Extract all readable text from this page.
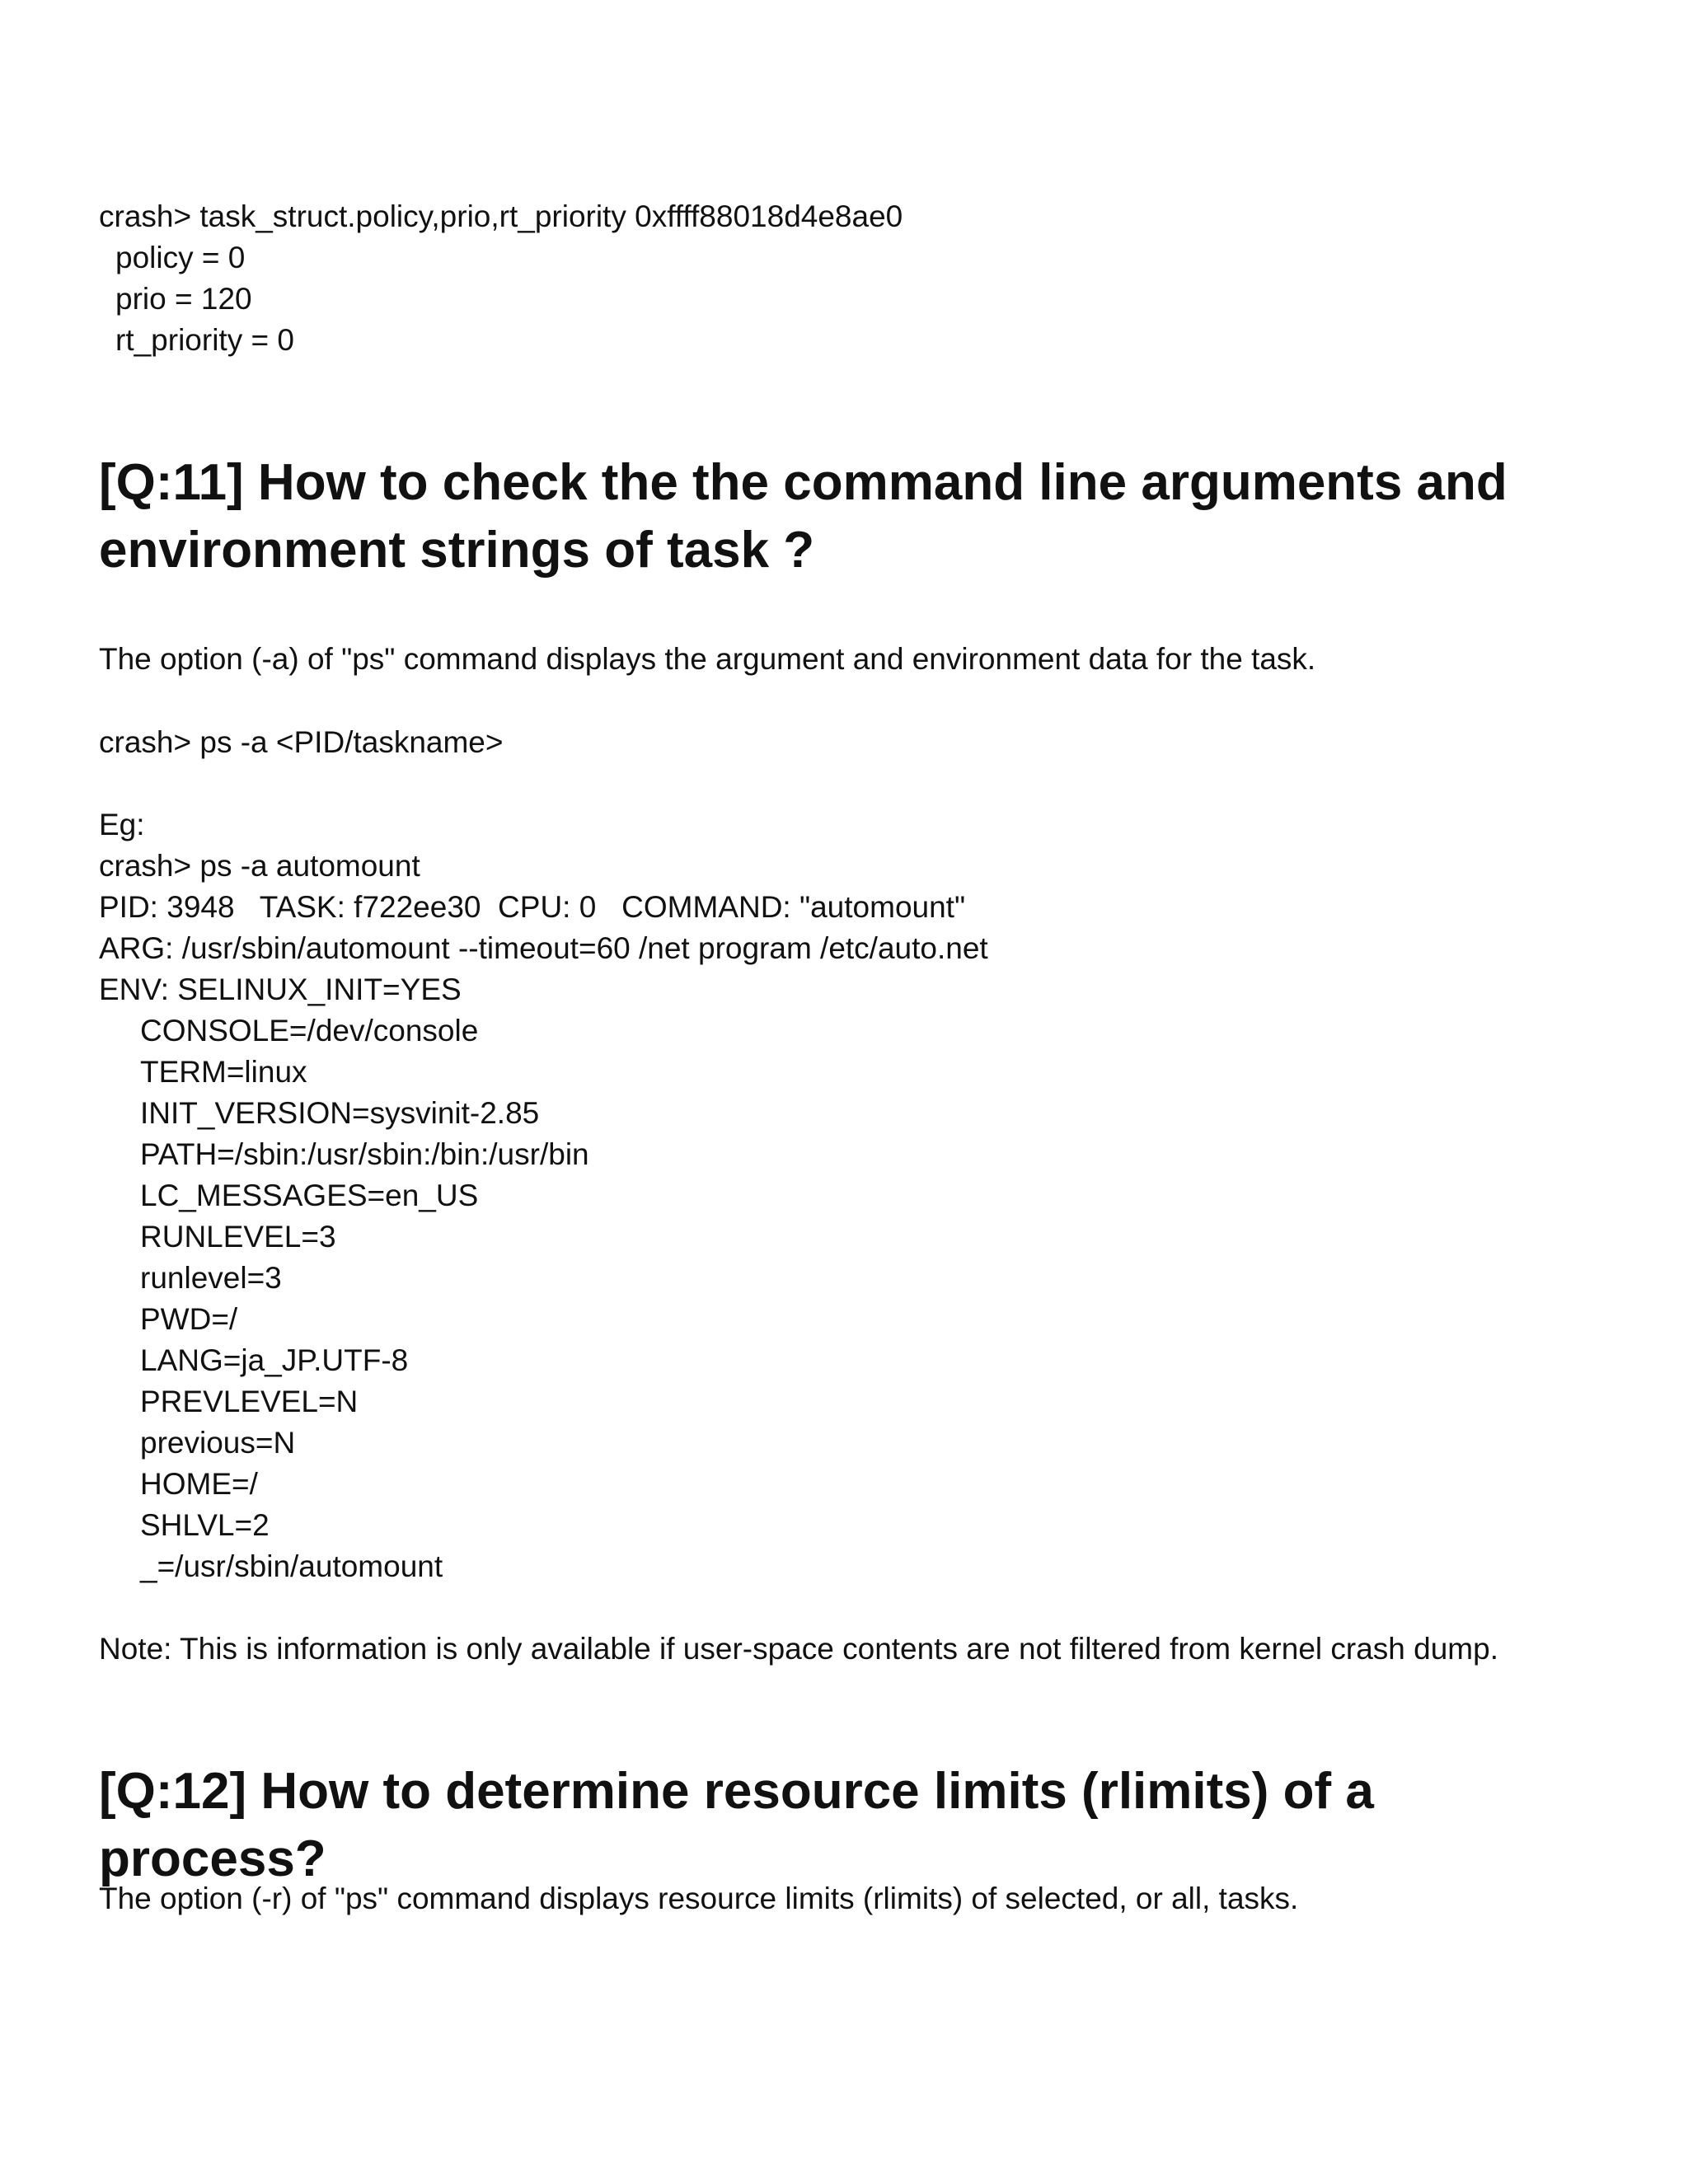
crash> task_struct.policy,prio,rt_priority 0xffff88018d4e8ae0

policy = 0

prio = 120

rt_priority = 0

[Q:11] How to check the the command line arguments and environment strings of task ?

The option (-a) of "ps" command displays the argument and environment data for the task.

crash> ps -a <PID/taskname>

Eg:

crash> ps -a automount

PID: 3948   TASK: f722ee30  CPU: 0   COMMAND: "automount"

ARG: /usr/sbin/automount --timeout=60 /net program /etc/auto.net

ENV: SELINUX_INIT=YES

CONSOLE=/dev/console

TERM=linux

INIT_VERSION=sysvinit-2.85

PATH=/sbin:/usr/sbin:/bin:/usr/bin

LC_MESSAGES=en_US

RUNLEVEL=3

runlevel=3

PWD=/

LANG=ja_JP.UTF-8

PREVLEVEL=N

previous=N

HOME=/

SHLVL=2

_=/usr/sbin/automount

Note: This is information is only available if user-space contents are not filtered from kernel crash dump.

[Q:12] How to determine resource limits (rlimits) of a process?

The option (-r) of "ps" command displays resource limits (rlimits) of selected, or all, tasks.
